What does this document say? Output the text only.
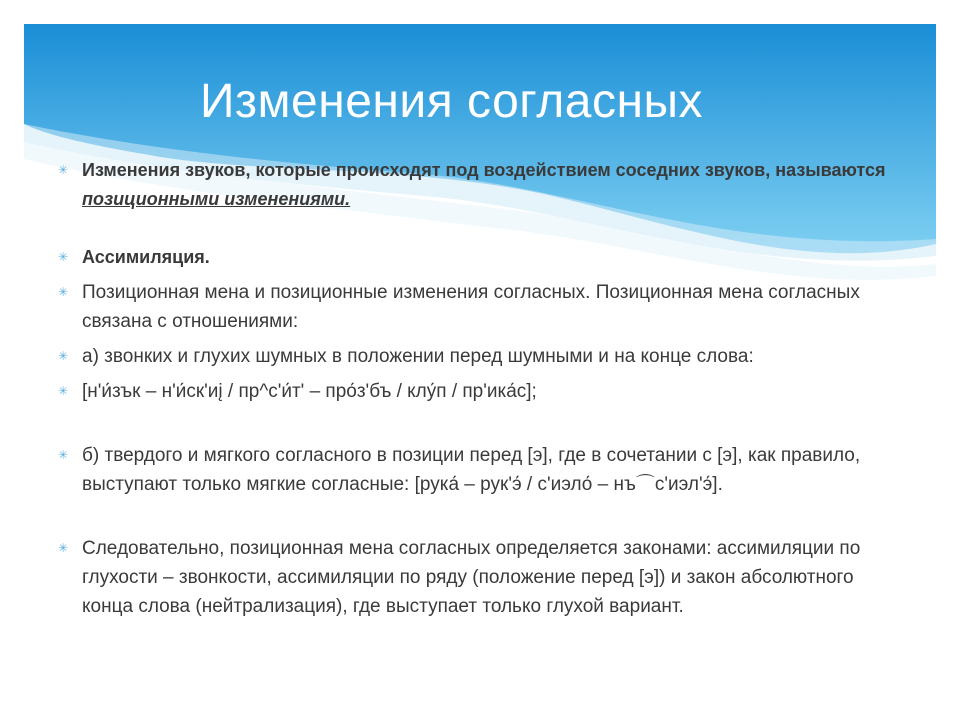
Изменения согласных
✳ Изменения звуков, которые происходят под воздействием соседних звуков, называются позиционными изменениями.
✳ Ассимиляция.
✳ Позиционная мена и позиционные изменения согласных. Позиционная мена согласных связана с отношениями:
✳ а) звонких и глухих шумных в положении перед шумными и на конце слова:
✳ [н'и́зък – н'и́ск'иį / пр^с'и́т' – про́з'бъ / клу́п / пр'ика́с];
✳ б) твердого и мягкого согласного в позиции перед [э], где в сочетании с [э], как правило, выступают только мягкие согласные: [рука́ – рук'э́ / с'иэло́ – нъ⌒с'иэл'э́].
✳ Следовательно, позиционная мена согласных определяется законами: ассимиляции по глухости – звонкости, ассимиляции по ряду (положение перед [э]) и закон абсолютного конца слова (нейтрализация), где выступает только глухой вариант.
